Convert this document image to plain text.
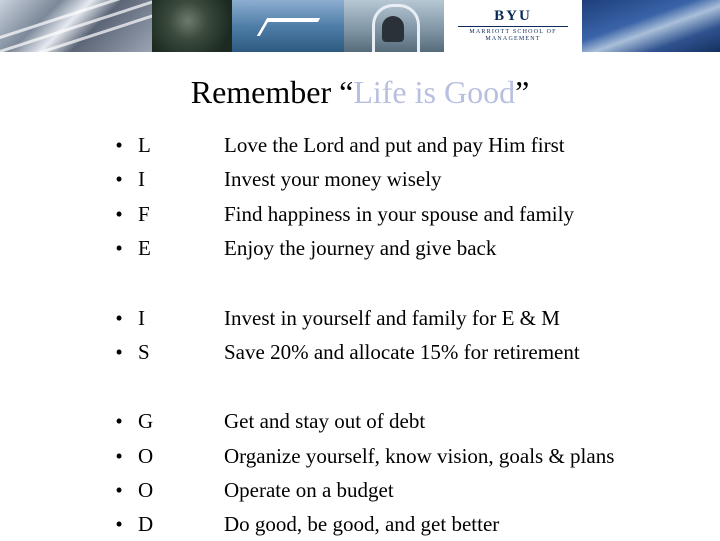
BYU
MARRIOTT SCHOOL OF MANAGEMENT
Remember “Life is Good”
• L	Love the Lord and put and pay Him first
• I	Invest your money wisely
• F	Find happiness in your spouse and family
• E	Enjoy the journey and give back
• I	Invest in yourself and family for E & M
• S	Save 20% and allocate 15% for retirement
• G	Get and stay out of debt
• O	Organize yourself, know vision, goals & plans
• O	Operate on a budget
• D	Do good, be good, and get better
